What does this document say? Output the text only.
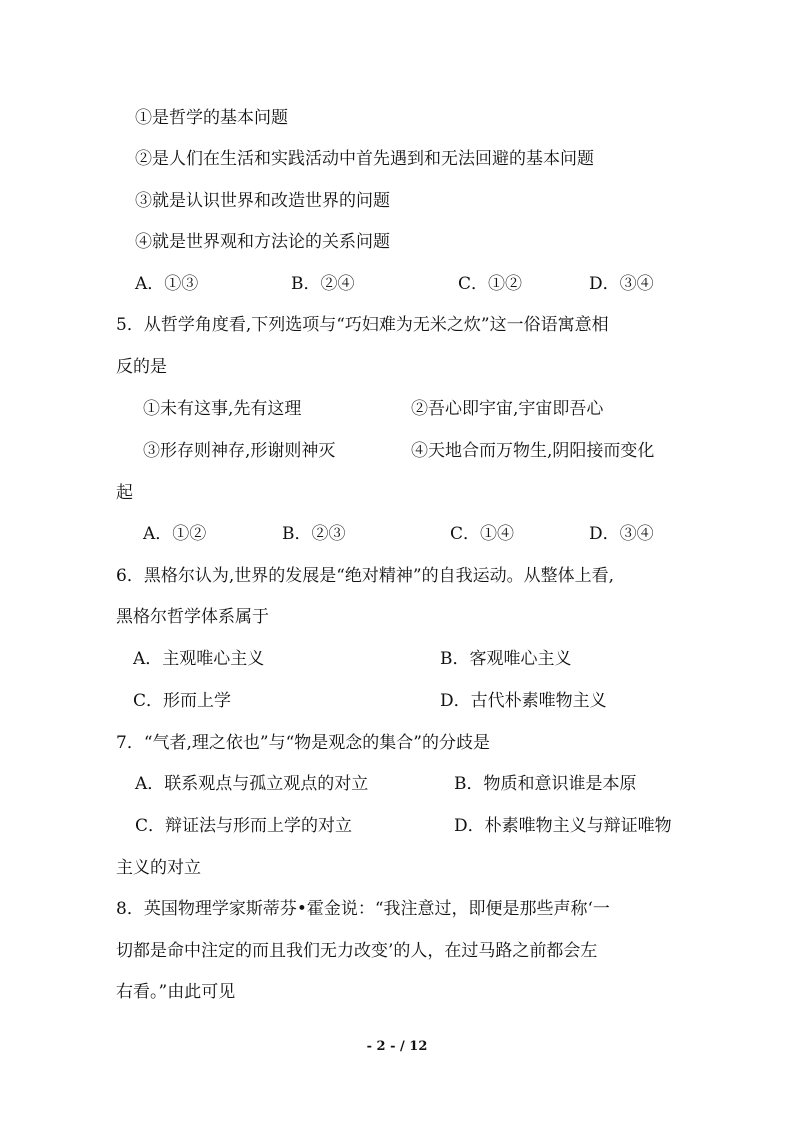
①是哲学的基本问题
②是人们在生活和实践活动中首先遇到和无法回避的基本问题
③就是认识世界和改造世界的问题
④就是世界观和方法论的关系问题
A．①③	B．②④	C．①②	D．③④
5．从哲学角度看,下列选项与“巧妇难为无米之炊”这一俗语寓意相
反的是
①未有这事,先有这理	②吾心即宇宙,宇宙即吾心
③形存则神存,形谢则神灭	④天地合而万物生,阴阳接而变化
起
A．①②	B．②③	C．①④	D．③④
6．黑格尔认为,世界的发展是“绝对精神”的自我运动。从整体上看,
黑格尔哲学体系属于
A．主观唯心主义	B．客观唯心主义
C．形而上学	D．古代朴素唯物主义
7．“气者,理之依也”与“物是观念的集合”的分歧是
A．联系观点与孤立观点的对立	B．物质和意识谁是本原
C．辩证法与形而上学的对立	D．朴素唯物主义与辩证唯物
主义的对立
8．英国物理学家斯蒂芬•霍金说：“我注意过，即便是那些声称‘一
切都是命中注定的而且我们无力改变’的人，在过马路之前都会左
右看。”由此可见
- 2 - / 12
